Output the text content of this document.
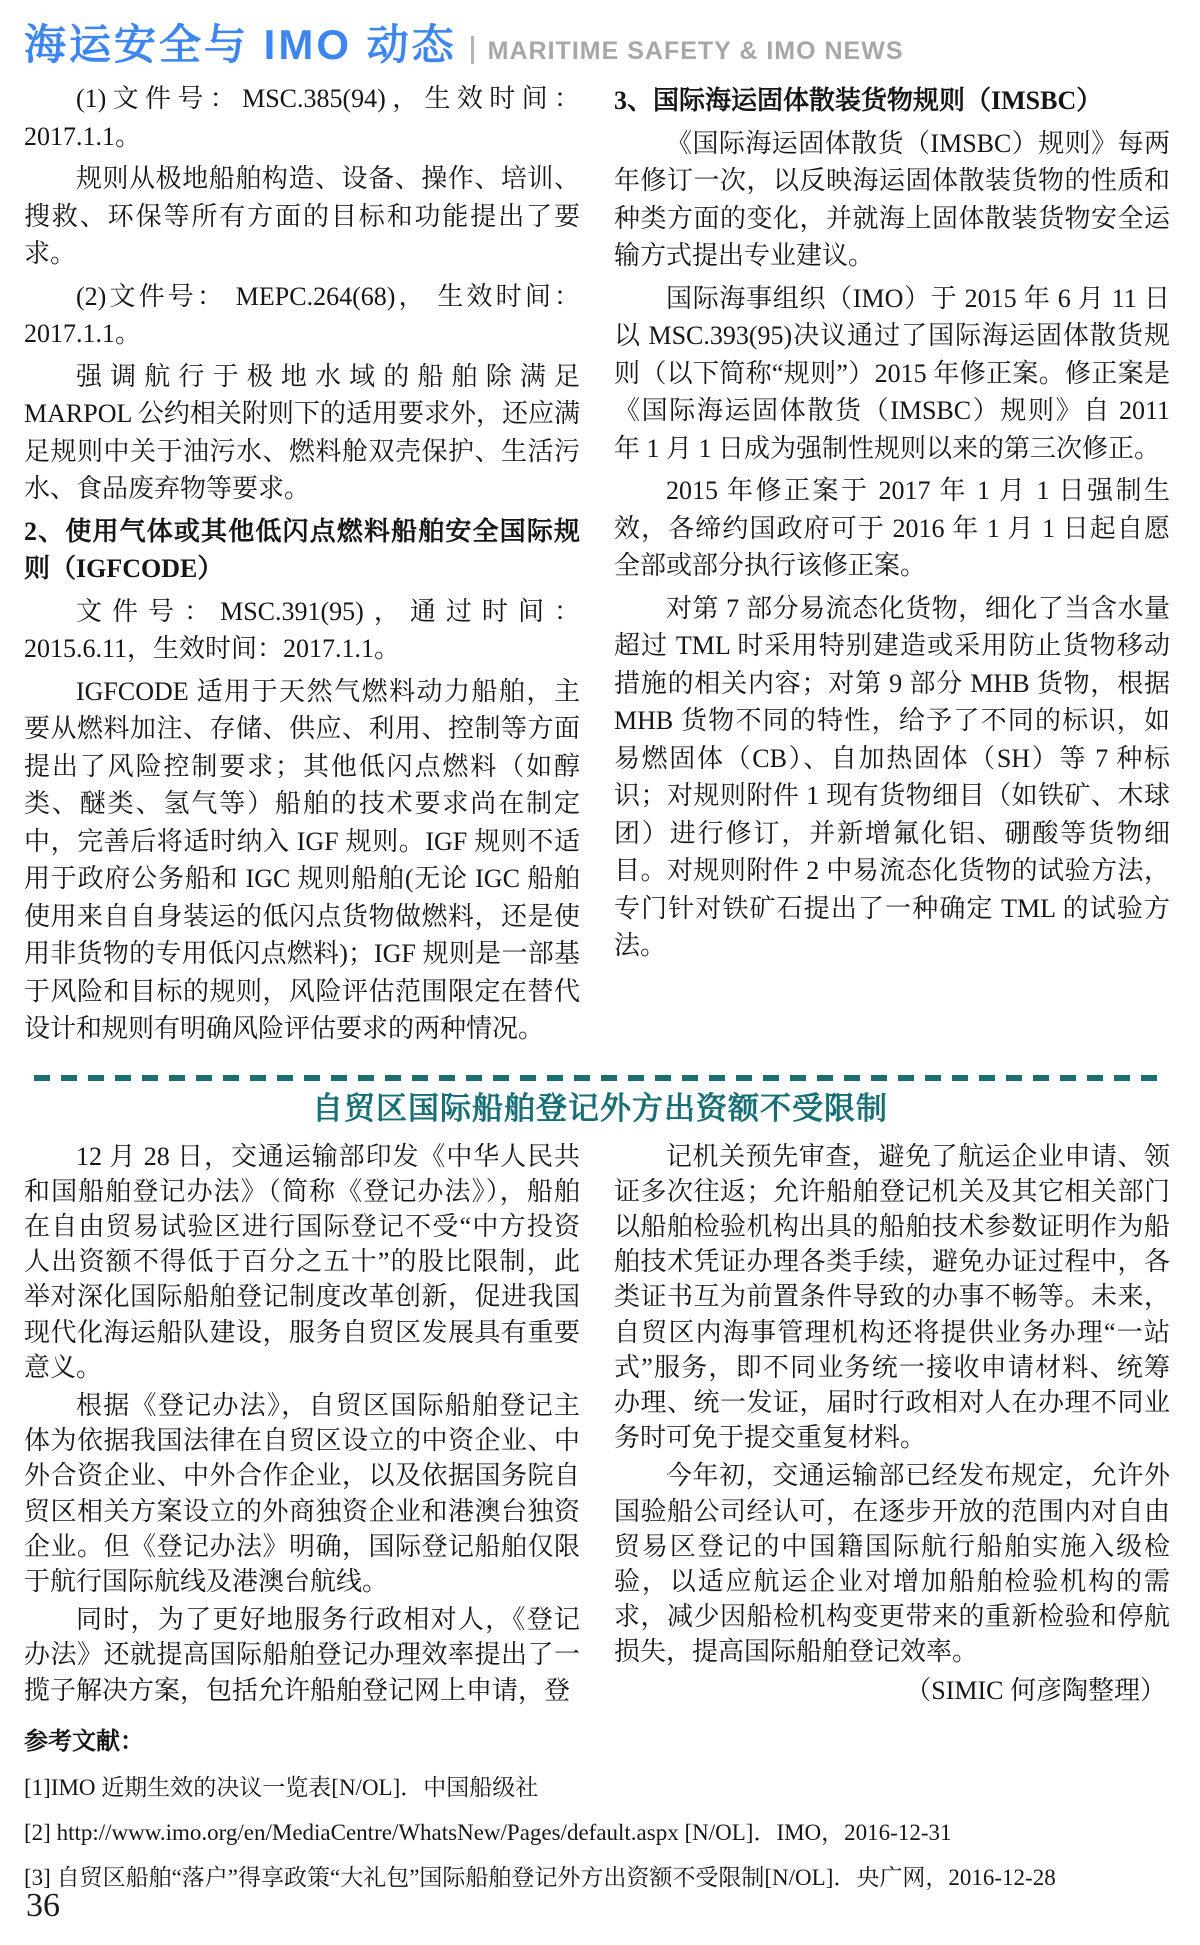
海运安全与 IMO 动态 MARITIME SAFETY & IMO NEWS

(1)文件号：MSC.385(94)，生效时间：2017.1.1。

规则从极地船舶构造、设备、操作、培训、搜救、环保等所有方面的目标和功能提出了要求。

(2)文件号： MEPC.264(68)， 生效时间：2017.1.1。

强调航行于极地水域的船舶除满足 MARPOL 公约相关附则下的适用要求外，还应满足规则中关于油污水、燃料舱双壳保护、生活污水、食品废弃物等要求。

2、使用气体或其他低闪点燃料船舶安全国际规则（IGFCODE）

文件号：MSC.391(95)，通过时间：2015.6.11，生效时间：2017.1.1。

IGFCODE 适用于天然气燃料动力船舶，主要从燃料加注、存储、供应、利用、控制等方面提出了风险控制要求；其他低闪点燃料（如醇类、醚类、氢气等）船舶的技术要求尚在制定中，完善后将适时纳入 IGF 规则。IGF 规则不适用于政府公务船和 IGC 规则船舶(无论 IGC 船舶使用来自自身装运的低闪点货物做燃料，还是使用非货物的专用低闪点燃料)；IGF 规则是一部基于风险和目标的规则，风险评估范围限定在替代设计和规则有明确风险评估要求的两种情况。

3、国际海运固体散装货物规则（IMSBC）

《国际海运固体散货（IMSBC）规则》每两年修订一次，以反映海运固体散装货物的性质和种类方面的变化，并就海上固体散装货物安全运输方式提出专业建议。

国际海事组织（IMO）于 2015 年 6 月 11 日以 MSC.393(95)决议通过了国际海运固体散货规则（以下简称“规则”）2015 年修正案。修正案是《国际海运固体散货（IMSBC）规则》自 2011 年 1 月 1 日成为强制性规则以来的第三次修正。

2015 年修正案于 2017 年 1 月 1 日强制生效，各缔约国政府可于 2016 年 1 月 1 日起自愿全部或部分执行该修正案。

对第 7 部分易流态化货物，细化了当含水量超过 TML 时采用特别建造或采用防止货物移动措施的相关内容；对第 9 部分 MHB 货物，根据 MHB 货物不同的特性，给予了不同的标识，如易燃固体（CB）、自加热固体（SH）等 7 种标识；对规则附件 1 现有货物细目（如铁矿、木球团）进行修订，并新增氟化铝、硼酸等货物细目。对规则附件 2 中易流态化货物的试验方法，专门针对铁矿石提出了一种确定 TML 的试验方法。

自贸区国际船舶登记外方出资额不受限制

12 月 28 日，交通运输部印发《中华人民共和国船舶登记办法》（简称《登记办法》），船舶在自由贸易试验区进行国际登记不受“中方投资人出资额不得低于百分之五十”的股比限制，此举对深化国际船舶登记制度改革创新，促进我国现代化海运船队建设，服务自贸区发展具有重要意义。

根据《登记办法》，自贸区国际船舶登记主体为依据我国法律在自贸区设立的中资企业、中外合资企业、中外合作企业，以及依据国务院自贸区相关方案设立的外商独资企业和港澳台独资企业。但《登记办法》明确，国际登记船舶仅限于航行国际航线及港澳台航线。

同时，为了更好地服务行政相对人，《登记办法》还就提高国际船舶登记办理效率提出了一揽子解决方案，包括允许船舶登记网上申请，登

记机关预先审查，避免了航运企业申请、领证多次往返；允许船舶登记机关及其它相关部门以船舶检验机构出具的船舶技术参数证明作为船舶技术凭证办理各类手续，避免办证过程中，各类证书互为前置条件导致的办事不畅等。未来，自贸区内海事管理机构还将提供业务办理“一站式”服务，即不同业务统一接收申请材料、统筹办理、统一发证，届时行政相对人在办理不同业务时可免于提交重复材料。

今年初，交通运输部已经发布规定，允许外国验船公司经认可，在逐步开放的范围内对自由贸易区登记的中国籍国际航行船舶实施入级检验，以适应航运企业对增加船舶检验机构的需求，减少因船检机构变更带来的重新检验和停航损失，提高国际船舶登记效率。

（SIMIC 何彦陶整理）

参考文献：

[1]IMO 近期生效的决议一览表[N/OL]．中国船级社

[2] http://www.imo.org/en/MediaCentre/WhatsNew/Pages/default.aspx [N/OL]．IMO，2016-12-31

[3] 自贸区船舶“落户”得享政策“大礼包”国际船舶登记外方出资额不受限制[N/OL]．央广网，2016-12-28

36
